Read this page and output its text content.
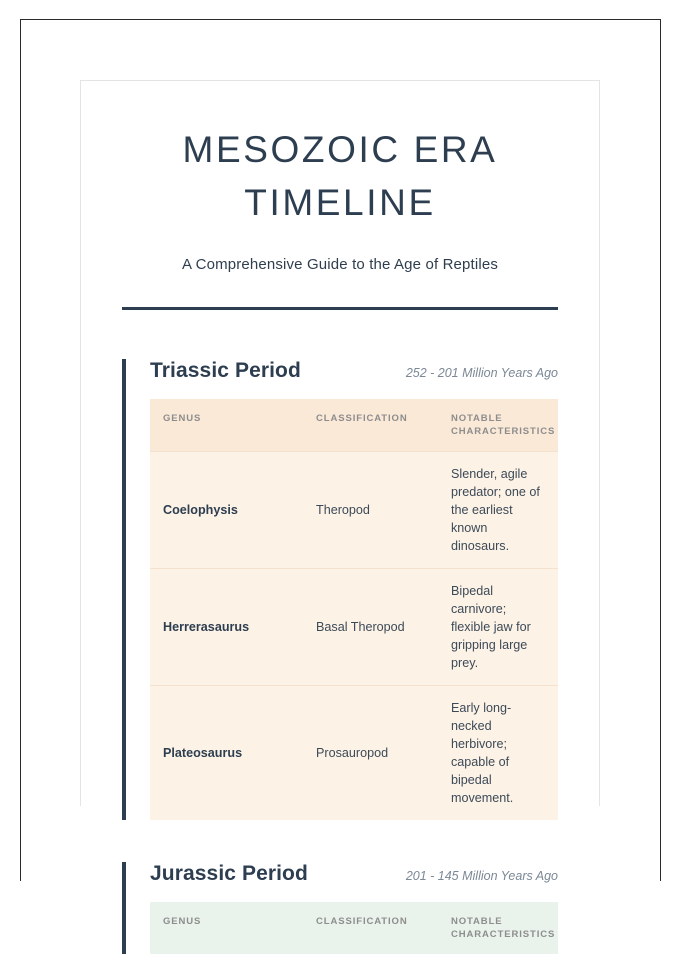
MESOZOIC ERA TIMELINE

A Comprehensive Guide to the Age of Reptiles

Triassic Period	252 - 201 Million Years Ago
GENUS	CLASSIFICATION	NOTABLE CHARACTERISTICS
Coelophysis	Theropod	Slender, agile predator; one of the earliest known dinosaurs.
Herrerasaurus	Basal Theropod	Bipedal carnivore; flexible jaw for gripping large prey.
Plateosaurus	Prosauropod	Early long-necked herbivore; capable of bipedal movement.
Jurassic Period	201 - 145 Million Years Ago
GENUS	CLASSIFICATION	NOTABLE CHARACTERISTICS
